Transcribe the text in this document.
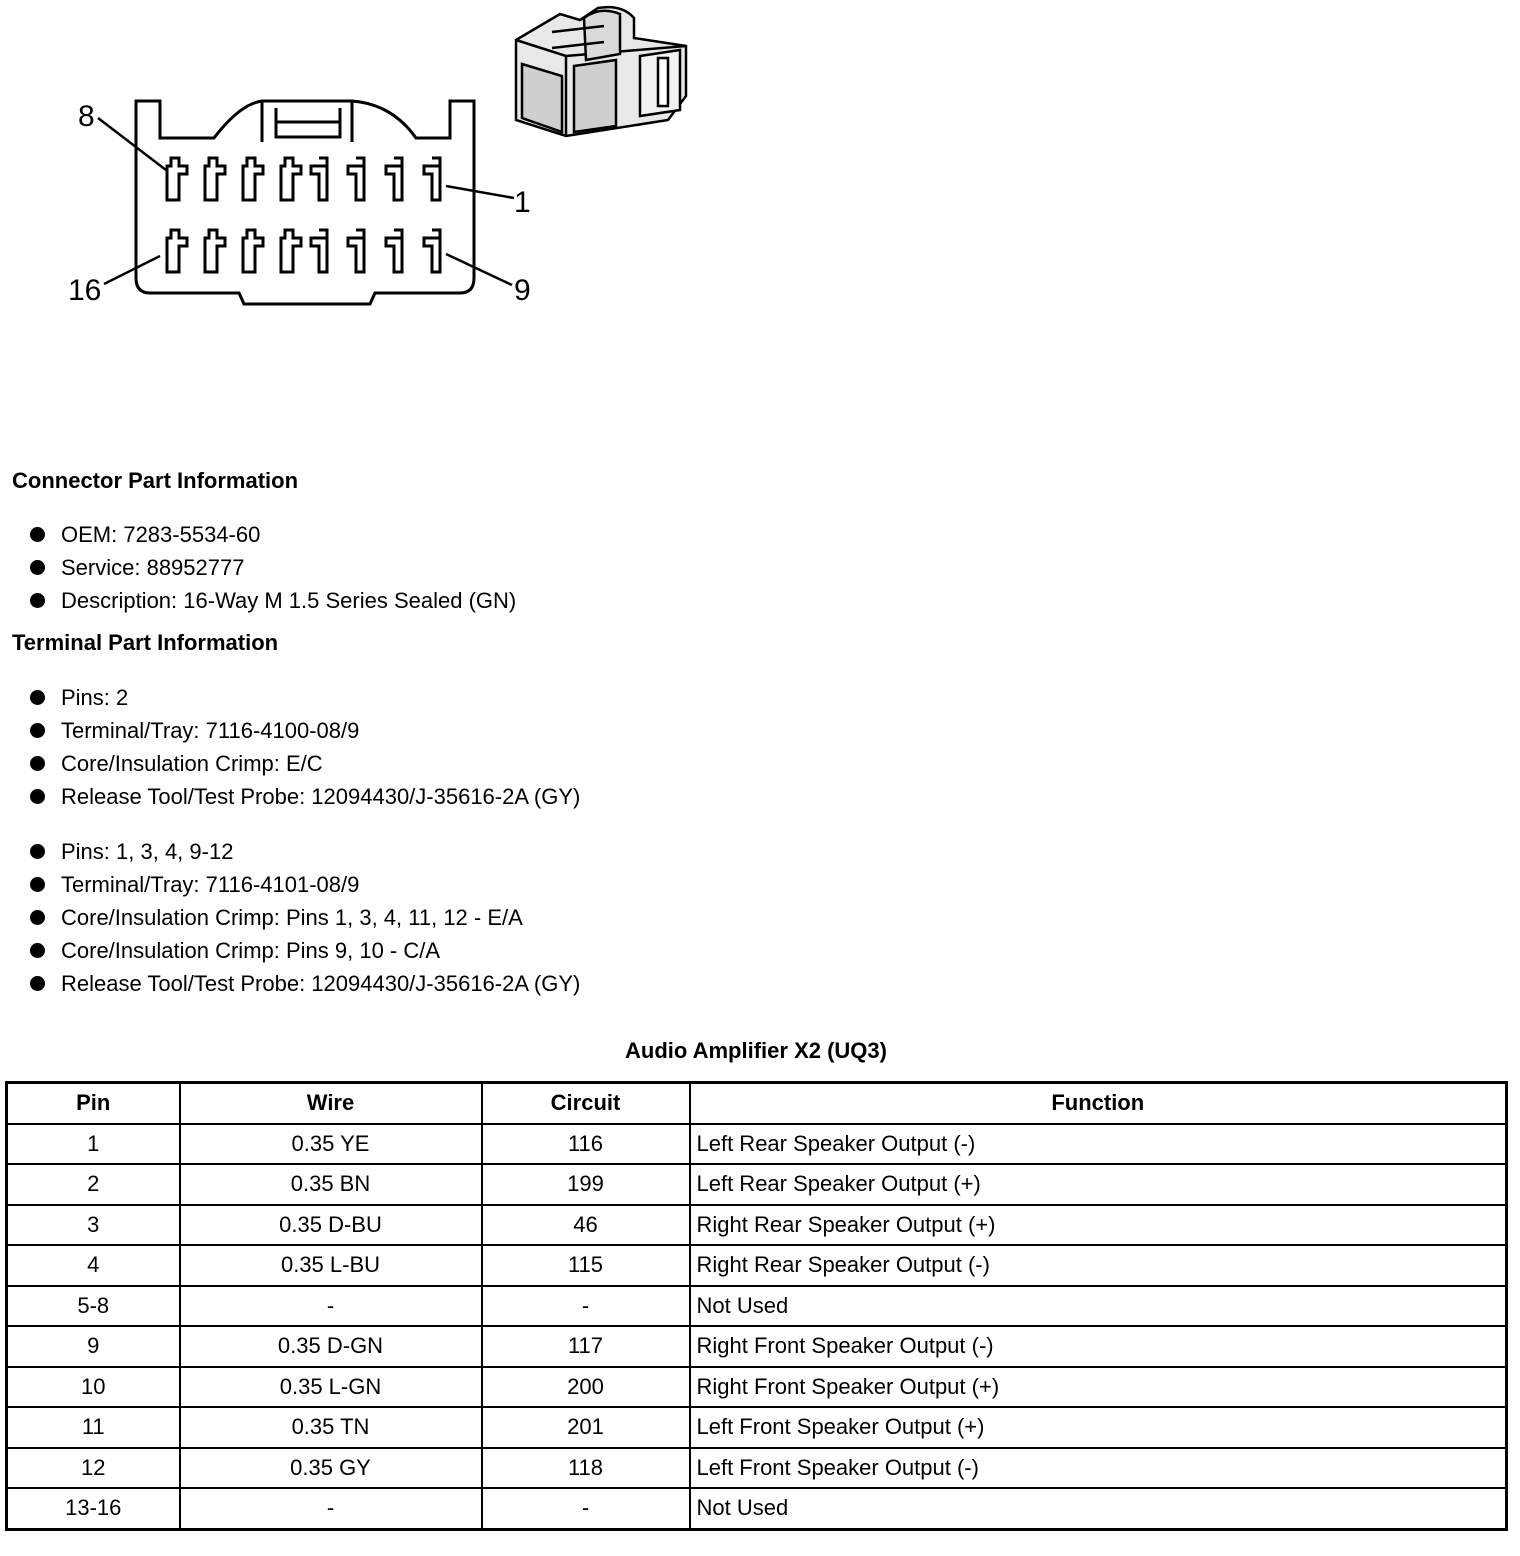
8
1
16	9
Connector Part Information
OEM: 7283-5534-60
Service: 88952777
Description: 16-Way M 1.5 Series Sealed (GN)
Terminal Part Information
Pins: 2
Terminal/Tray: 7116-4100-08/9
Core/Insulation Crimp: E/C
Release Tool/Test Probe: 12094430/J-35616-2A (GY)
Pins: 1, 3, 4, 9-12
Terminal/Tray: 7116-4101-08/9
Core/Insulation Crimp: Pins 1, 3, 4, 11, 12 - E/A
Core/Insulation Crimp: Pins 9, 10 - C/A
Release Tool/Test Probe: 12094430/J-35616-2A (GY)
Audio Amplifier X2 (UQ3)
Pin	Wire	Circuit	Function
1	0.35 YE	116	Left Rear Speaker Output (-)
2	0.35 BN	199	Left Rear Speaker Output (+)
3	0.35 D-BU	46	Right Rear Speaker Output (+)
4	0.35 L-BU	115	Right Rear Speaker Output (-)
5-8	-	-	Not Used
9	0.35 D-GN	117	Right Front Speaker Output (-)
10	0.35 L-GN	200	Right Front Speaker Output (+)
11	0.35 TN	201	Left Front Speaker Output (+)
12	0.35 GY	118	Left Front Speaker Output (-)
13-16	-	-	Not Used
